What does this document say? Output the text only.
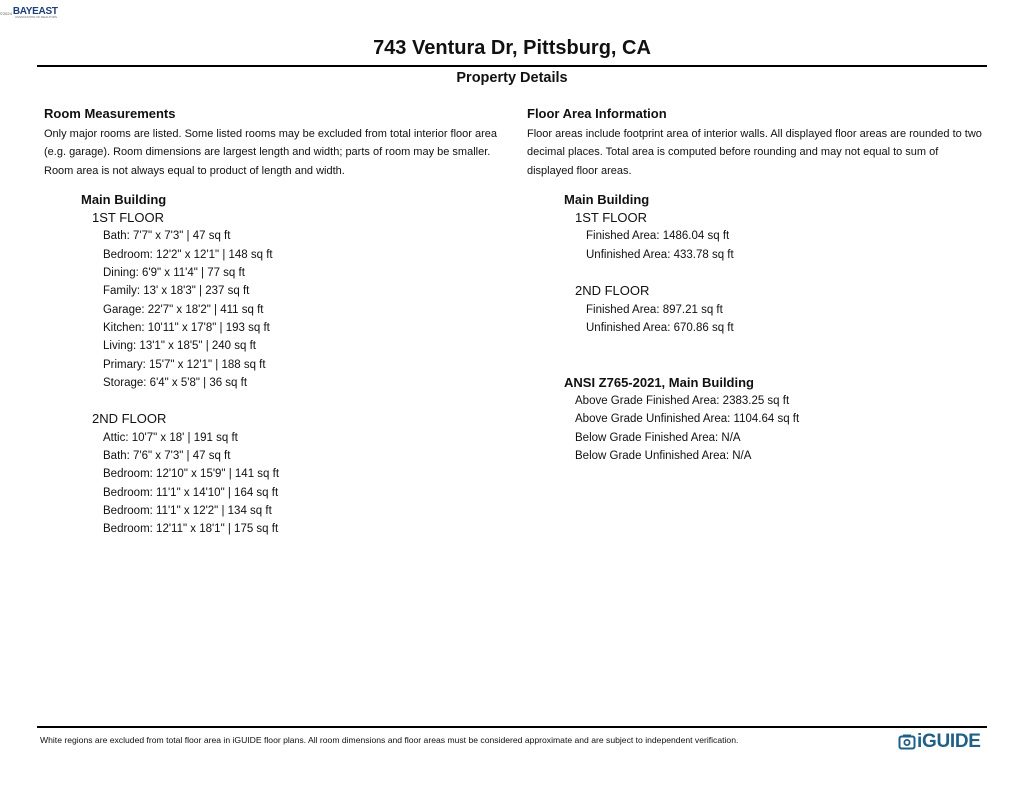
©2024 BAYEAST
ASSOCIATION OF REALTORS
743 Ventura Dr, Pittsburg, CA
Property Details
Room Measurements
Only major rooms are listed. Some listed rooms may be excluded from total interior floor area (e.g. garage). Room dimensions are largest length and width; parts of room may be smaller. Room area is not always equal to product of length and width.
Main Building
1ST FLOOR
Bath: 7'7" x 7'3" | 47 sq ft
Bedroom: 12'2" x 12'1" | 148 sq ft
Dining: 6'9" x 11'4" | 77 sq ft
Family: 13' x 18'3" | 237 sq ft
Garage: 22'7" x 18'2" | 411 sq ft
Kitchen: 10'11" x 17'8" | 193 sq ft
Living: 13'1" x 18'5" | 240 sq ft
Primary: 15'7" x 12'1" | 188 sq ft
Storage: 6'4" x 5'8" | 36 sq ft
2ND FLOOR
Attic: 10'7" x 18' | 191 sq ft
Bath: 7'6" x 7'3" | 47 sq ft
Bedroom: 12'10" x 15'9" | 141 sq ft
Bedroom: 11'1" x 14'10" | 164 sq ft
Bedroom: 11'1" x 12'2" | 134 sq ft
Bedroom: 12'11" x 18'1" | 175 sq ft
Floor Area Information
Floor areas include footprint area of interior walls. All displayed floor areas are rounded to two decimal places. Total area is computed before rounding and may not equal to sum of displayed floor areas.
Main Building
1ST FLOOR
Finished Area: 1486.04 sq ft
Unfinished Area: 433.78 sq ft
2ND FLOOR
Finished Area: 897.21 sq ft
Unfinished Area: 670.86 sq ft
ANSI Z765-2021, Main Building
Above Grade Finished Area: 2383.25 sq ft
Above Grade Unfinished Area: 1104.64 sq ft
Below Grade Finished Area: N/A
Below Grade Unfinished Area: N/A
White regions are excluded from total floor area in iGUIDE floor plans. All room dimensions and floor areas must be considered approximate and are subject to independent verification.	iGUIDE
